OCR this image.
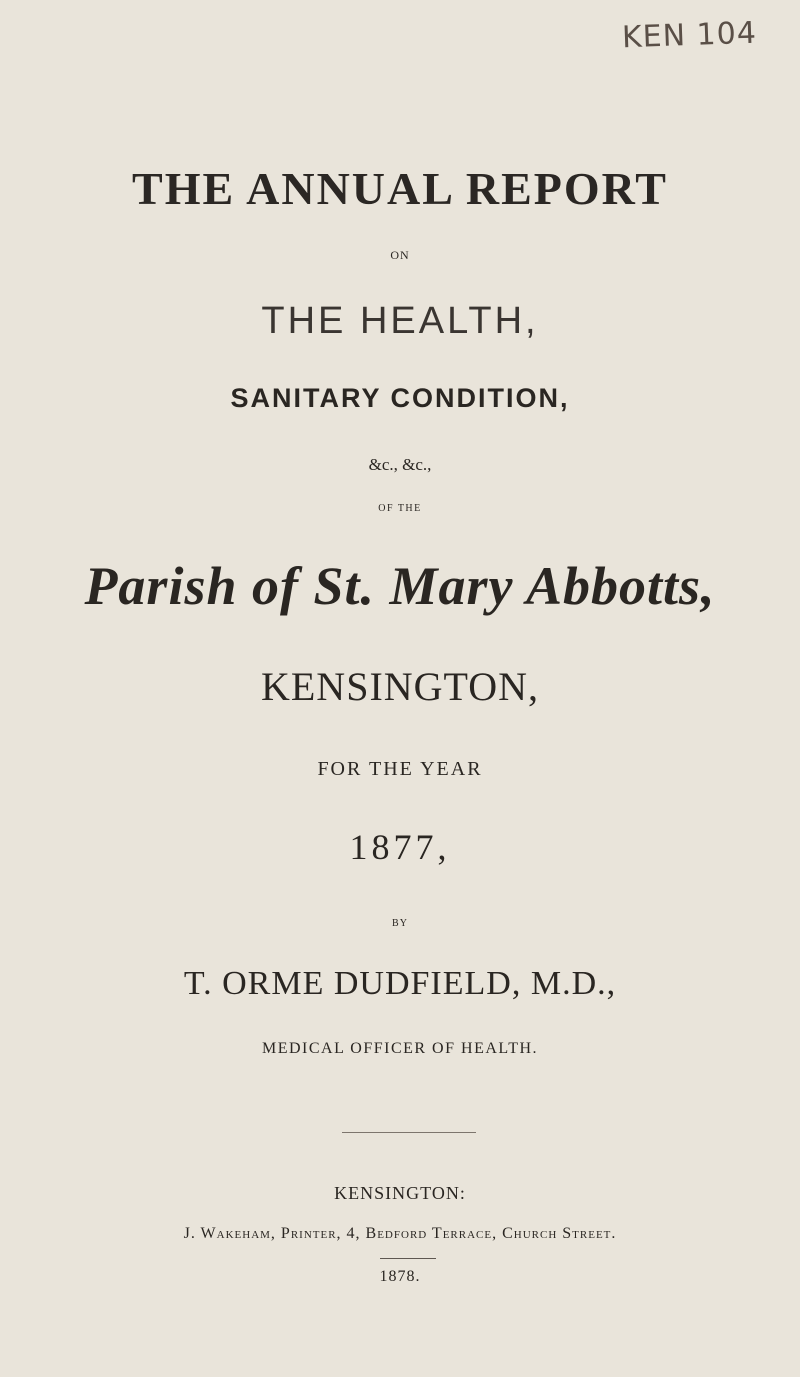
KEN 104
THE ANNUAL REPORT
ON
THE HEALTH,
SANITARY CONDITION,
&c., &c.,
OF THE
Parish of St. Mary Abbotts,
KENSINGTON,
FOR THE YEAR
1877,
BY
T. ORME DUDFIELD, M.D.,
MEDICAL OFFICER OF HEALTH.
KENSINGTON:
J. Wakeham, Printer, 4, Bedford Terrace, Church Street.
1878.
